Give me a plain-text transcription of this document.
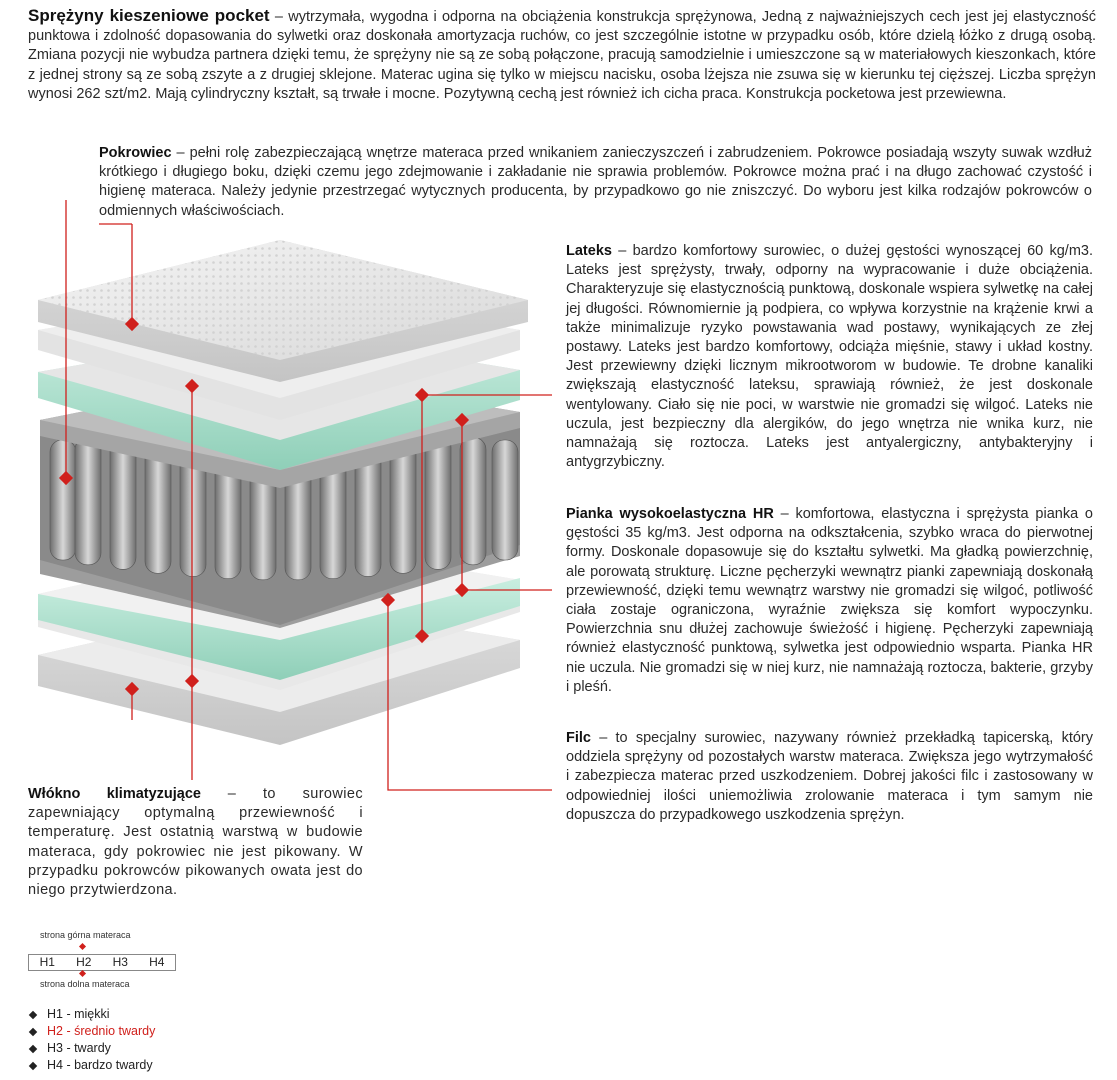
Sprężyny kieszeniowe pocket – wytrzymała, wygodna i odporna na obciążenia konstrukcja sprężynowa, Jedną z najważniejszych cech jest jej elastyczność punktowa i zdolność dopasowania do sylwetki oraz doskonała amortyzacja ruchów, co jest szczególnie istotne w przypadku osób, które dzielą łóżko z drugą osobą. Zmiana pozycji nie wybudza partnera dzięki temu, że sprężyny nie są ze sobą połączone, pracują samodzielnie i umieszczone są w materiałowych kieszonkach, które z jednej strony są ze sobą zszyte a z drugiej sklejone. Materac ugina się tylko w miejscu nacisku, osoba lżejsza nie zsuwa się w kierunku tej cięższej. Liczba sprężyn wynosi 262 szt/m2. Mają cylindryczny kształt, są trwałe i mocne. Pozytywną cechą jest również ich cicha praca. Konstrukcja pocketowa jest przewiewna.
Pokrowiec – pełni rolę zabezpieczającą wnętrze materaca przed wnikaniem zanieczyszczeń i zabrudzeniem. Pokrowce posiadają wszyty suwak wzdłuż krótkiego i długiego boku, dzięki czemu jego zdejmowanie i zakładanie nie sprawia problemów. Pokrowce można prać i na długo zachować czystość i higienę materaca. Należy jedynie przestrzegać wytycznych producenta, by przypadkowo go nie zniszczyć. Do wyboru jest kilka rodzajów pokrowców o odmiennych właściwościach.
Lateks – bardzo komfortowy surowiec, o dużej gęstości wynoszącej 60 kg/m3. Lateks jest sprężysty, trwały, odporny na wypracowanie i duże obciążenia. Charakteryzuje się elastycznością punktową, doskonale wspiera sylwetkę na całej jej długości. Równomiernie ją podpiera, co wpływa korzystnie na krążenie krwi a także minimalizuje ryzyko powstawania wad postawy, wynikających ze złej postawy. Lateks jest bardzo komfortowy, odciąża mięśnie, stawy i układ kostny. Jest przewiewny dzięki licznym mikrootworom w budowie. Te drobne kanaliki zwiększają elastyczność lateksu, sprawiają również, że jest doskonale wentylowany. Ciało się nie poci, w warstwie nie gromadzi się wilgoć. Lateks nie uczula, jest bezpieczny dla alergików, do jego wnętrza nie wnika kurz, nie namnażają się roztocza. Lateks jest antyalergiczny, antybakteryjny i antygrzybiczny.
Pianka wysokoelastyczna HR – komfortowa, elastyczna i sprężysta pianka o gęstości 35 kg/m3. Jest odporna na odkształcenia, szybko wraca do pierwotnej formy. Doskonale dopasowuje się do kształtu sylwetki. Ma gładką powierzchnię, ale porowatą strukturę. Liczne pęcherzyki wewnątrz pianki zapewniają doskonałą przewiewność, dzięki temu wewnątrz warstwy nie gromadzi się wilgoć, potliwość ciała zostaje ograniczona, wyraźnie zwiększa się komfort wypoczynku. Powierzchnia snu dłużej zachowuje świeżość i higienę. Pęcherzyki zapewniają również elastyczność punktową, sylwetka jest odpowiednio wsparta. Pianka HR nie uczula. Nie gromadzi się w niej kurz, nie namnażają roztocza, bakterie, grzyby i pleśń.
Filc – to specjalny surowiec, nazywany również przekładką tapicerską, który oddziela sprężyny od pozostałych warstw materaca. Zwiększa jego wytrzymałość i zabezpiecza materac przed uszkodzeniem. Dobrej jakości filc i zastosowany w odpowiedniej ilości uniemożliwia zrolowanie materaca i tym samym nie dopuszcza do przypadkowego uszkodzenia sprężyn.
Włókno klimatyzujące – to surowiec zapewniający optymalną przewiewność i temperaturę. Jest ostatnią warstwą w budowie materaca, gdy pokrowiec nie jest pikowany. W przypadku pokrowców pikowanych owata jest do niego przytwierdzona.
strona górna materaca
H1	H2	H3	H4
strona dolna materaca
H1 - miękki
H2 - średnio twardy
H3 - twardy
H4 - bardzo twardy
